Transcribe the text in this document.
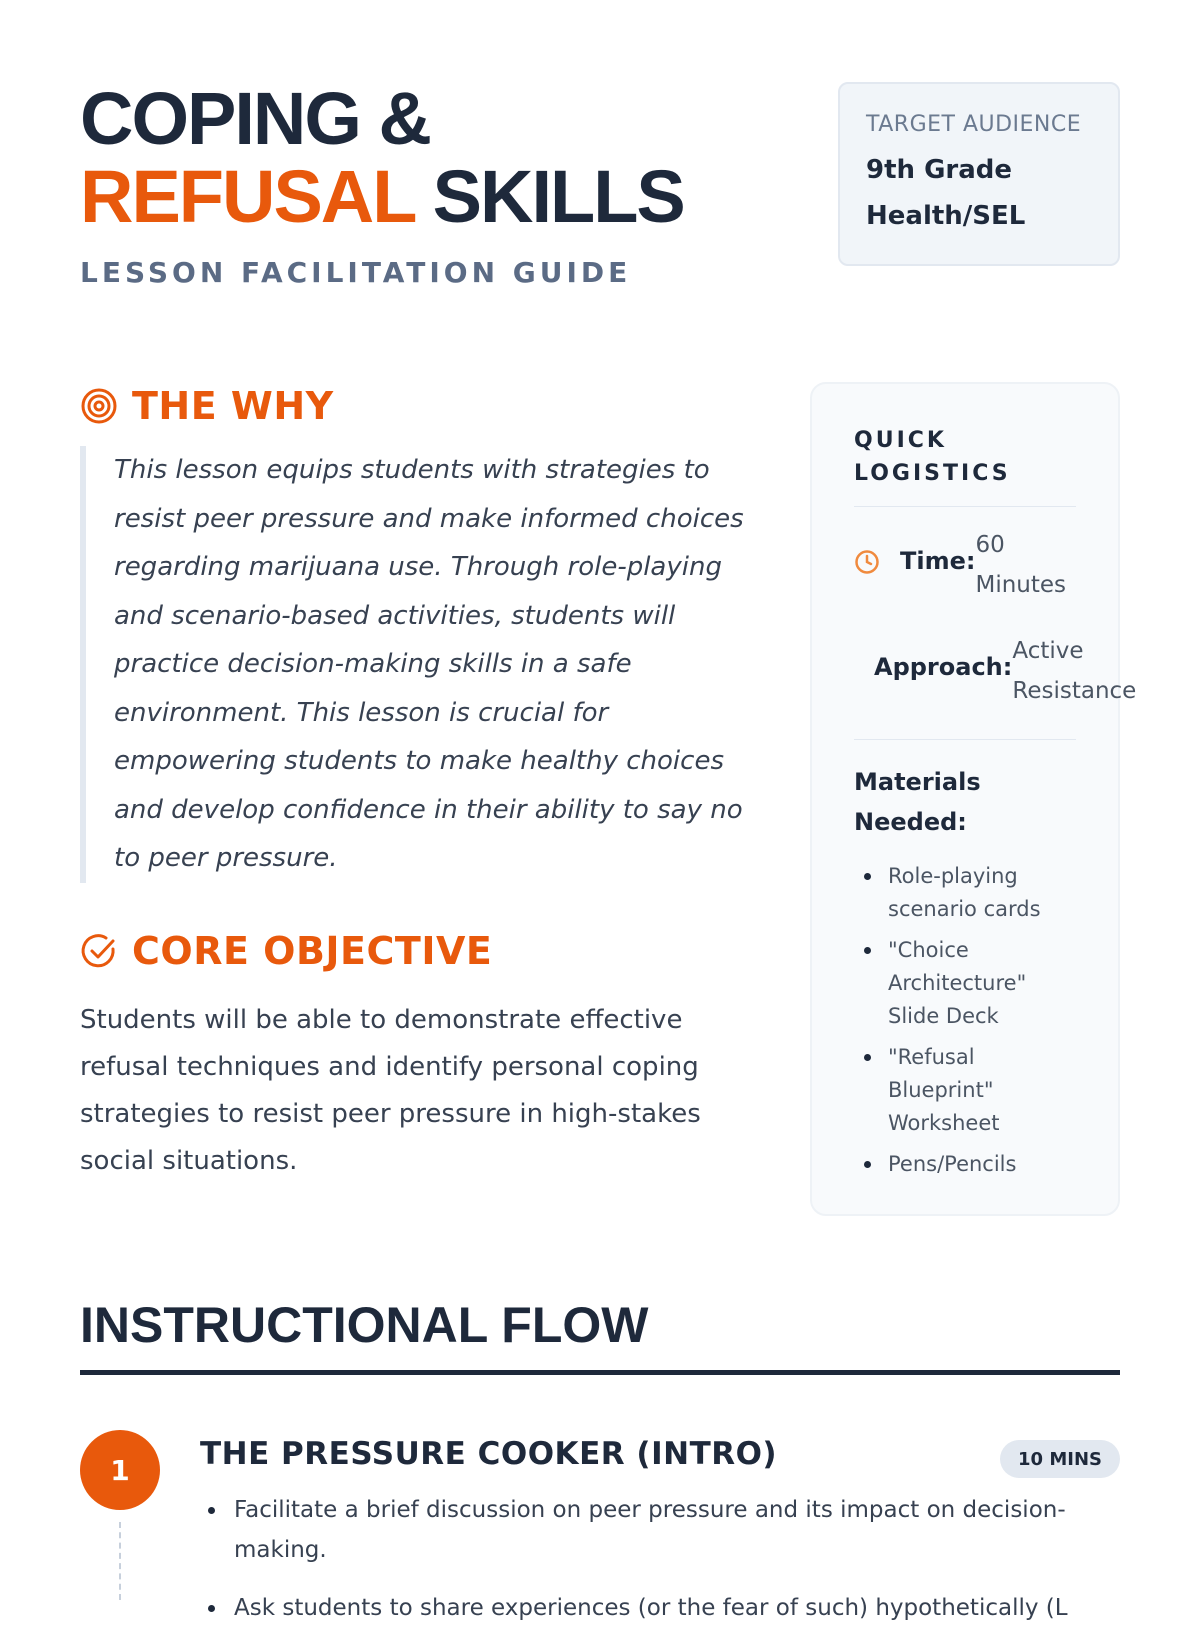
COPING &
REFUSAL SKILLS
LESSON FACILITATION GUIDE
TARGET AUDIENCE
9th Grade
Health/SEL
THE WHY
This lesson equips students with strategies to resist peer pressure and make informed choices regarding marijuana use. Through role-playing and scenario-based activities, students will practice decision-making skills in a safe environment. This lesson is crucial for empowering students to make healthy choices and develop confidence in their ability to say no to peer pressure.
CORE OBJECTIVE
Students will be able to demonstrate effective refusal techniques and identify personal coping strategies to resist peer pressure in high-stakes social situations.
QUICK LOGISTICS
Time:
60
Minutes
Approach:
Active
Resistance
Materials Needed:
Role-playing scenario cards
"Choice Architecture" Slide Deck
"Refusal Blueprint" Worksheet
Pens/Pencils
INSTRUCTIONAL FLOW
1	THE PRESSURE COOKER (INTRO)	10 MINS
Facilitate a brief discussion on peer pressure and its impact on decision-making.
Ask students to share experiences (or the fear of such) hypothetically (L
